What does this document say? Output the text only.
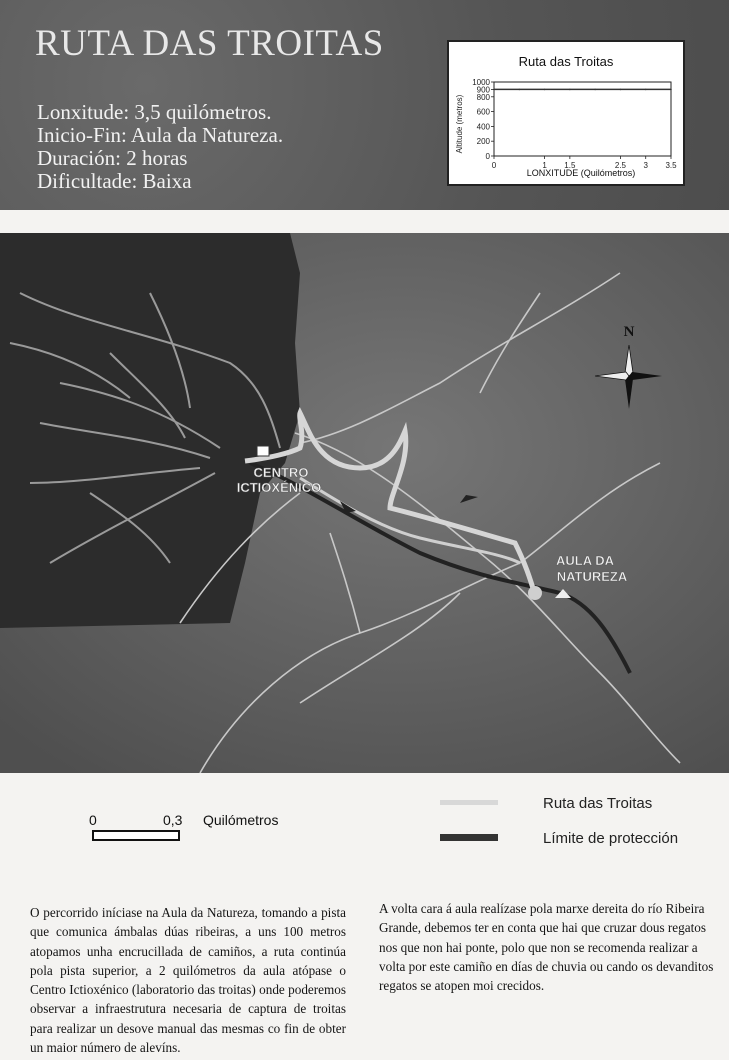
RUTA DAS TROITAS
Lonxitude: 3,5 quilómetros.
Inicio-Fin: Aula da Natureza.
Duración: 2 horas
Dificultade: Baixa
Ruta das Troitas
Altitude (metros)
LONXITUDE (Quilómetros)
1000
900
800
600
400
200
0
0	1 1.5	2.5 3 3.5
CENTRO
ICTIOXÉNICO
AULA DA
NATUREZA
N
0	0,3 Quilómetros
Ruta das Troitas
Límite de protección
O percorrido iníciase na Aula da Natureza, tomando a pista que comunica ámbalas dúas ribeiras, a uns 100 metros atopamos unha encrucillada de camiños, a ruta continúa pola pista superior, a 2 quilómetros da aula atópase o Centro Ictioxénico (laboratorio das troitas) onde poderemos observar a infraestrutura necesaria de captura de troitas para realizar un desove manual das mesmas co fin de obter un maior número de alevíns.
A volta cara á aula realízase pola marxe dereita do río Ribeira Grande, debemos ter en conta que hai que cruzar dous regatos nos que non hai ponte, polo que non se recomenda realizar a volta por este camiño en días de chuvia ou cando os devanditos regatos se atopen moi crecidos.
